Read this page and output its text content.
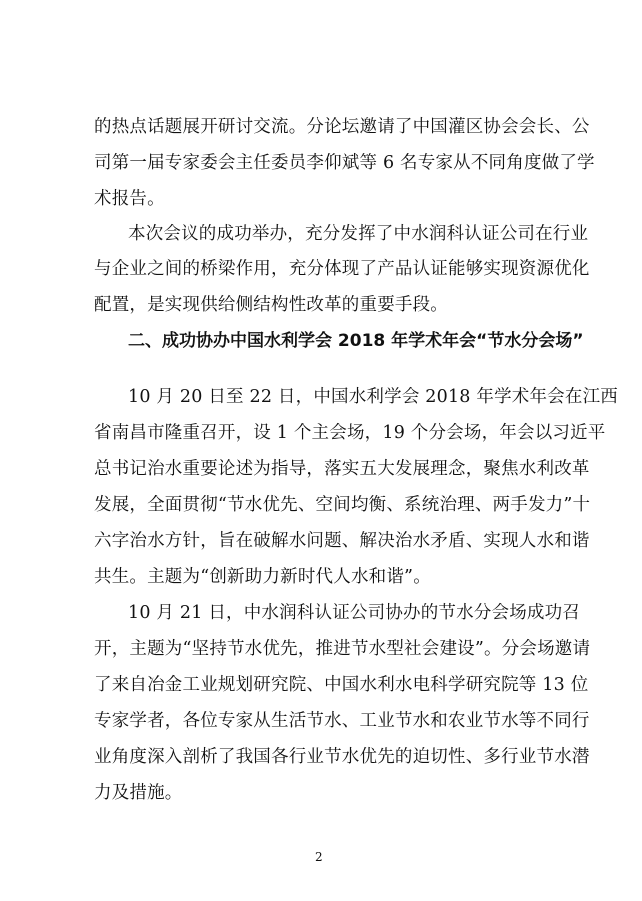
的热点话题展开研讨交流。分论坛邀请了中国灌区协会会长、公
司第一届专家委会主任委员李仰斌等 6 名专家从不同角度做了学
术报告。
本次会议的成功举办，充分发挥了中水润科认证公司在行业
与企业之间的桥梁作用，充分体现了产品认证能够实现资源优化
配置，是实现供给侧结构性改革的重要手段。
二、成功协办中国水利学会 2018 年学术年会“节水分会场”
10 月 20 日至 22 日，中国水利学会 2018 年学术年会在江西
省南昌市隆重召开，设 1 个主会场，19 个分会场，年会以习近平
总书记治水重要论述为指导，落实五大发展理念，聚焦水利改革
发展，全面贯彻“节水优先、空间均衡、系统治理、两手发力”十
六字治水方针，旨在破解水问题、解决治水矛盾、实现人水和谐
共生。主题为“创新助力新时代人水和谐”。
10 月 21 日，中水润科认证公司协办的节水分会场成功召
开，主题为“坚持节水优先，推进节水型社会建设”。分会场邀请
了来自冶金工业规划研究院、中国水利水电科学研究院等 13 位
专家学者，各位专家从生活节水、工业节水和农业节水等不同行
业角度深入剖析了我国各行业节水优先的迫切性、多行业节水潜
力及措施。
2
